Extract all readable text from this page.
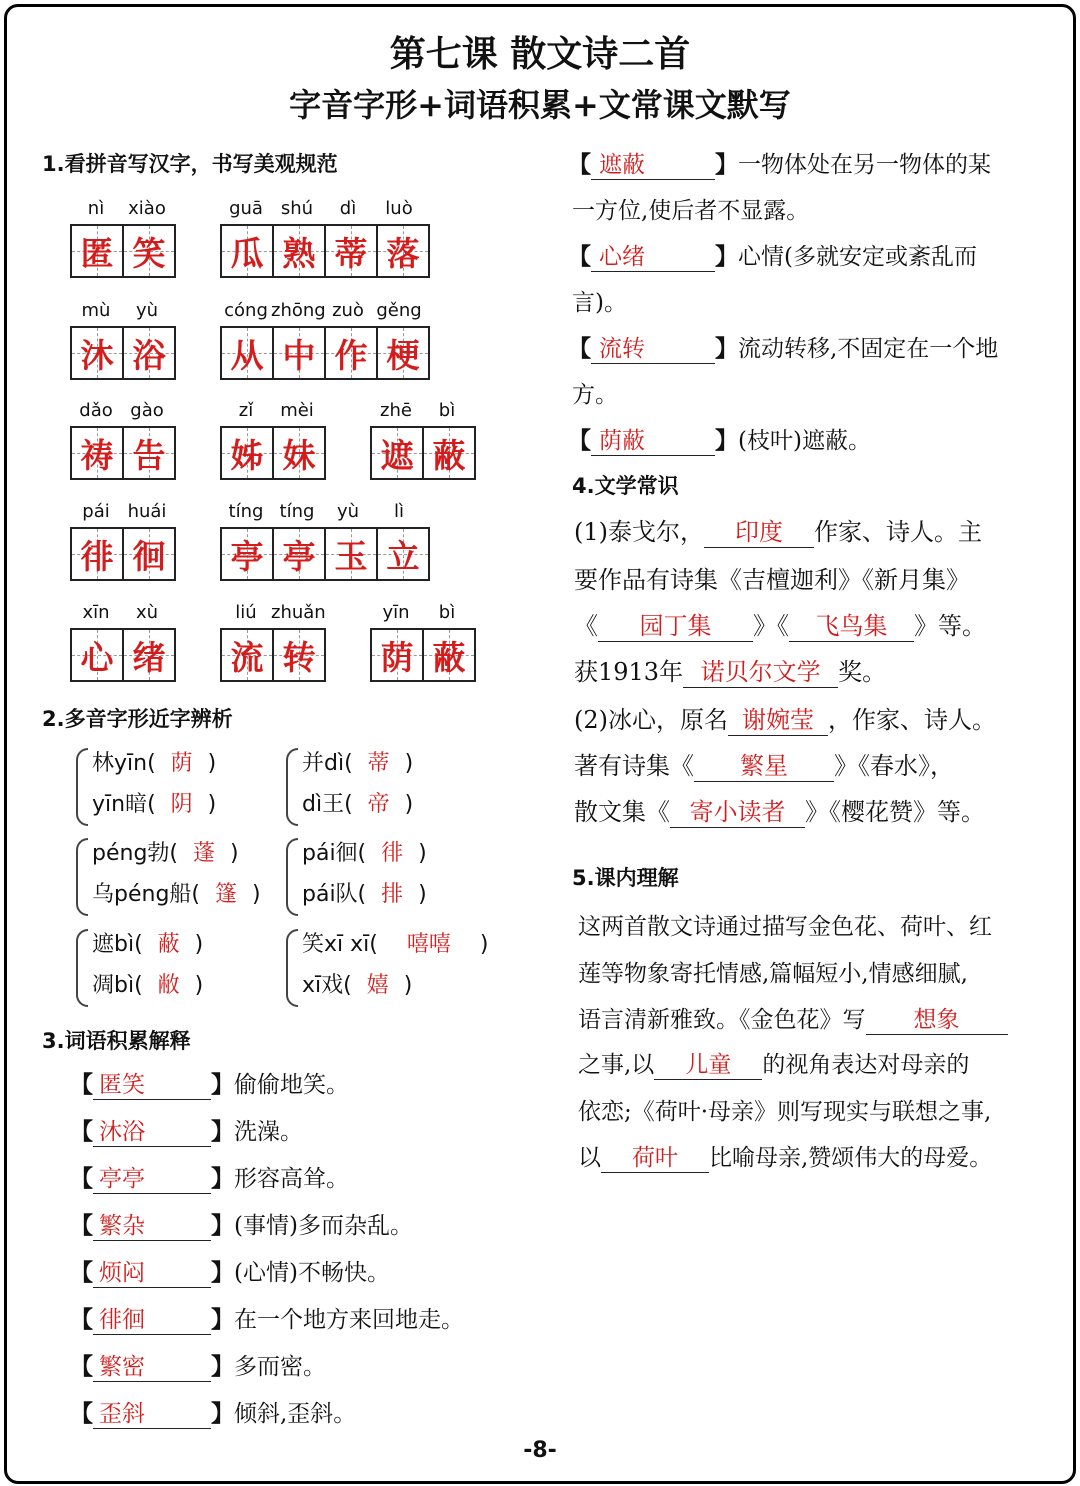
第七课 散文诗二首
字音字形+词语积累+文常课文默写
1.看拼音写汉字，书写美观规范
nì	xiào
匿 笑
guā shú	dì	luò
瓜 熟 蒂 落
mù	yù
沐 浴
cóng zhōng zuò gěng
从 中 作 梗
dǎo gào
祷 告
zǐ	mèi
姊 妹
zhē	bì
遮 蔽
pái huái
徘 徊
tíng tíng	yù	lì
亭 亭 玉 立
xīn	xù
心 绪
liú zhuǎn
流 转
yīn	bì
荫 蔽
2.多音字形近字辨析
林yīn( 荫 )
yīn暗( 阴 )
并dì( 蒂 )
dì王( 帝 )
péng勃( 蓬 )
乌péng船( 篷 )
pái徊( 徘 )
pái队( 排 )
遮bì( 蔽 )
凋bì( 敝 )
笑xī xī( 嘻嘻 )
xī戏( 嬉 )
3.词语积累解释
【 匿笑	】偷偷地笑。
【 沐浴	】洗澡。
【 亭亭	】形容高耸。
【 繁杂	】(事情)多而杂乱。
【 烦闷	】(心情)不畅快。
【 徘徊	】在一个地方来回地走。
【 繁密	】多而密。
【 歪斜	】倾斜,歪斜。
【 遮蔽	】一物体处在另一物体的某
一方位,使后者不显露。
【 心绪	】心情(多就安定或紊乱而
言)。
【 流转	】流动转移,不固定在一个地
方。
【 荫蔽	】(枝叶)遮蔽。
4.文学常识
(1)泰戈尔， 印度 作家、诗人。主
要作品有诗集《吉檀迦利》《新月集》
《 园丁集 》《 飞鸟集 》等。
获1913年 诺贝尔文学 奖。
(2)冰心，原名 谢婉莹 ，作家、诗人。
著有诗集《 繁星 》《春水》，
散文集《 寄小读者 》《樱花赞》等。
5.课内理解
这两首散文诗通过描写金色花、荷叶、红
莲等物象寄托情感,篇幅短小,情感细腻,
语言清新雅致。《金色花》写 想象
之事,以 儿童 的视角表达对母亲的
依恋;《荷叶·母亲》则写现实与联想之事,
以 荷叶 比喻母亲,赞颂伟大的母爱。
-8-
